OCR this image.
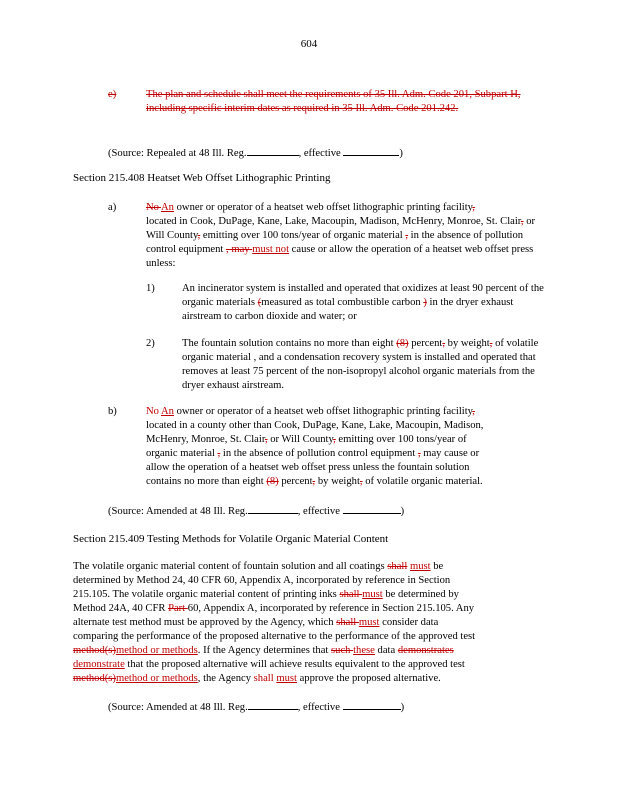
604
e)	The plan and schedule shall meet the requirements of 35 Ill. Adm. Code 201, Subpart H, including specific interim dates as required in 35 Ill. Adm. Code 201.242.
(Source: Repealed at 48 Ill. Reg.	, effective	)
Section 215.408 Heatset Web Offset Lithographic Printing
a)	No An owner or operator of a heatset web offset lithographic printing facility,
located in Cook, DuPage, Kane, Lake, Macoupin, Madison, McHenry, Monroe, St. Clair, or Will County, emitting over 100 tons/year of organic material , in the absence of pollution control equipment , may must not cause or allow the operation of a heatset web offset press unless:
1)	An incinerator system is installed and operated that oxidizes at least 90 percent of the organic materials (measured as total combustible carbon ) in the dryer exhaust airstream to carbon dioxide and water; or
2)	The fountain solution contains no more than eight (8) percent, by weight, of volatile organic material , and a condensation recovery system is installed and operated that removes at least 75 percent of the non-isopropyl alcohol organic materials from the dryer exhaust airstream.
b)	No An owner or operator of a heatset web offset lithographic printing facility,
located in a county other than Cook, DuPage, Kane, Lake, Macoupin, Madison,
McHenry, Monroe, St. Clair, or Will County, emitting over 100 tons/year of
organic material , in the absence of pollution control equipment , may cause or
allow the operation of a heatset web offset press unless the fountain solution
contains no more than eight (8) percent, by weight, of volatile organic material.
(Source: Amended at 48 Ill. Reg.	, effective	)
Section 215.409 Testing Methods for Volatile Organic Material Content
The volatile organic material content of fountain solution and all coatings shall must be
determined by Method 24, 40 CFR 60, Appendix A, incorporated by reference in Section
215.105. The volatile organic material content of printing inks shall must be determined by
Method 24A, 40 CFR Part 60, Appendix A, incorporated by reference in Section 215.105. Any
alternate test method must be approved by the Agency, which shall must consider data
comparing the performance of the proposed alternative to the performance of the approved test
method(s)method or methods. If the Agency determines that such these data demonstrates
demonstrate that the proposed alternative will achieve results equivalent to the approved test
method(s)method or methods, the Agency shall must approve the proposed alternative.
(Source: Amended at 48 Ill. Reg.	, effective	)
